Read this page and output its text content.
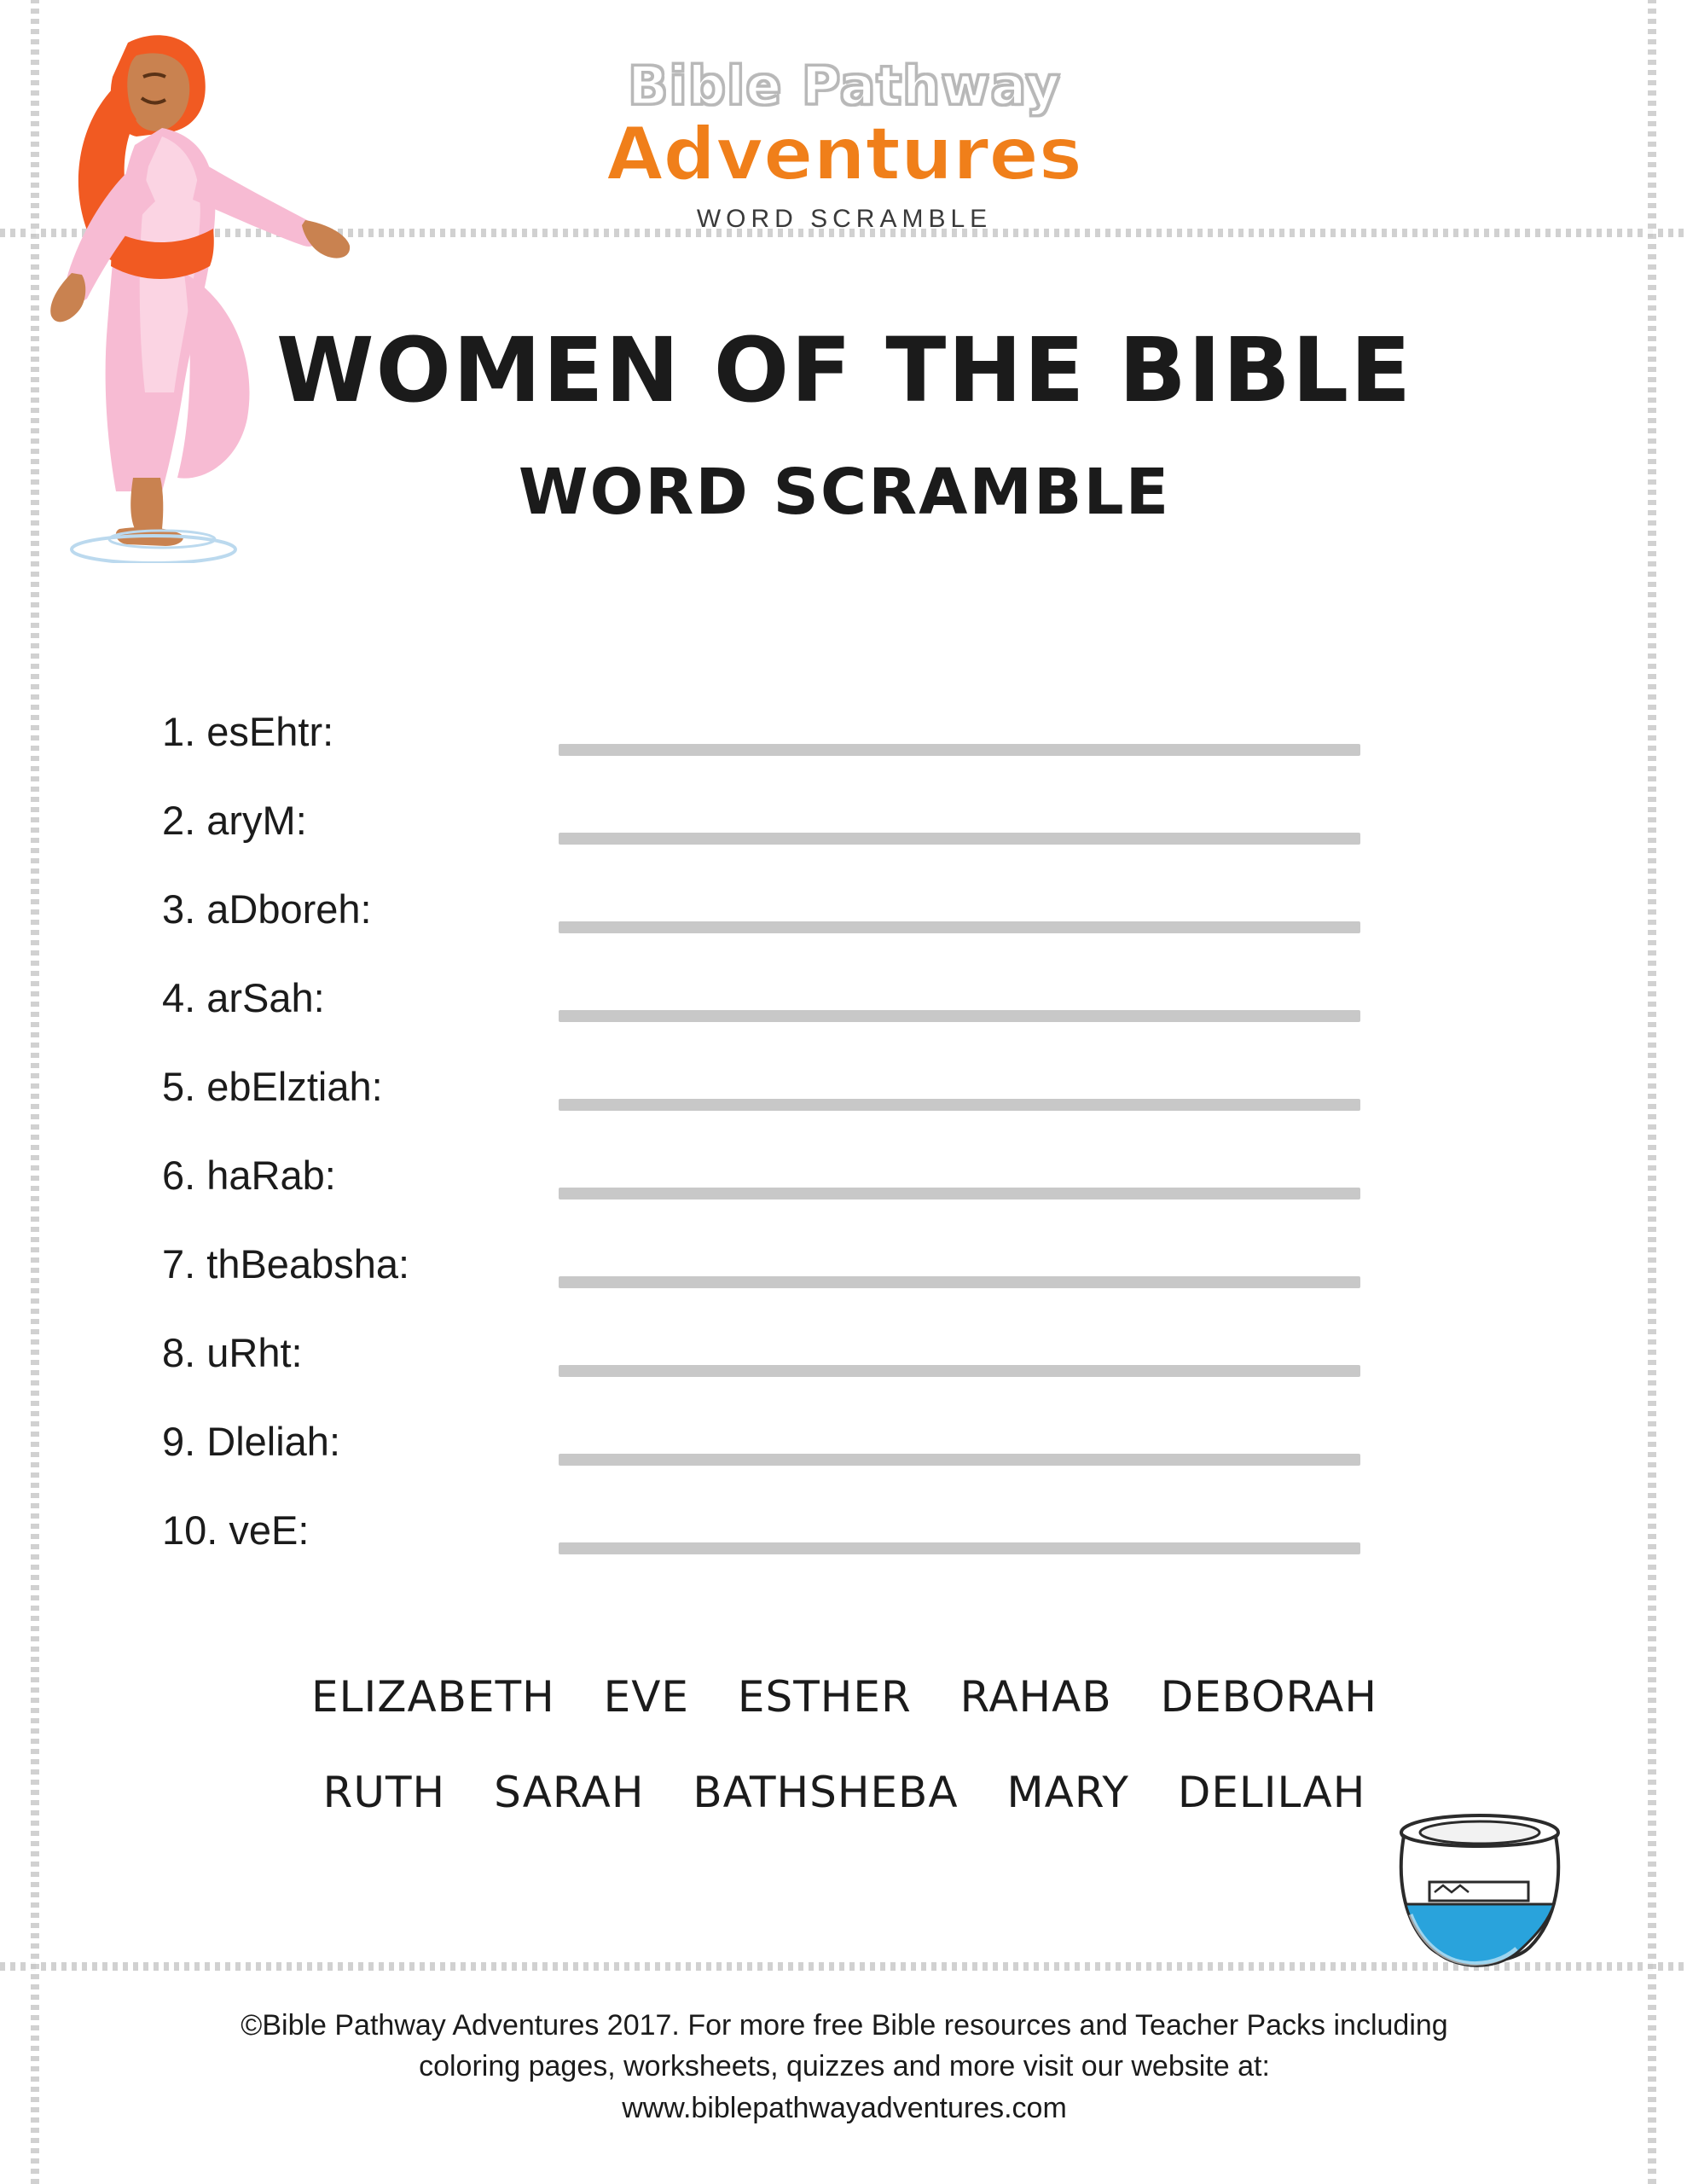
Bible Pathway
Adventures
WORD SCRAMBLE
WOMEN OF THE BIBLE
WORD SCRAMBLE
1. esEhtr:
2. aryM:
3. aDboreh:
4. arSah:
5. ebElztiah:
6. haRab:
7. thBeabsha:
8. uRht:
9. Dleliah:
10. veE:
ELIZABETH EVE ESTHER RAHAB DEBORAH
RUTH SARAH BATHSHEBA MARY DELILAH
©Bible Pathway Adventures 2017. For more free Bible resources and Teacher Packs including
coloring pages, worksheets, quizzes and more visit our website at:
www.biblepathwayadventures.com
